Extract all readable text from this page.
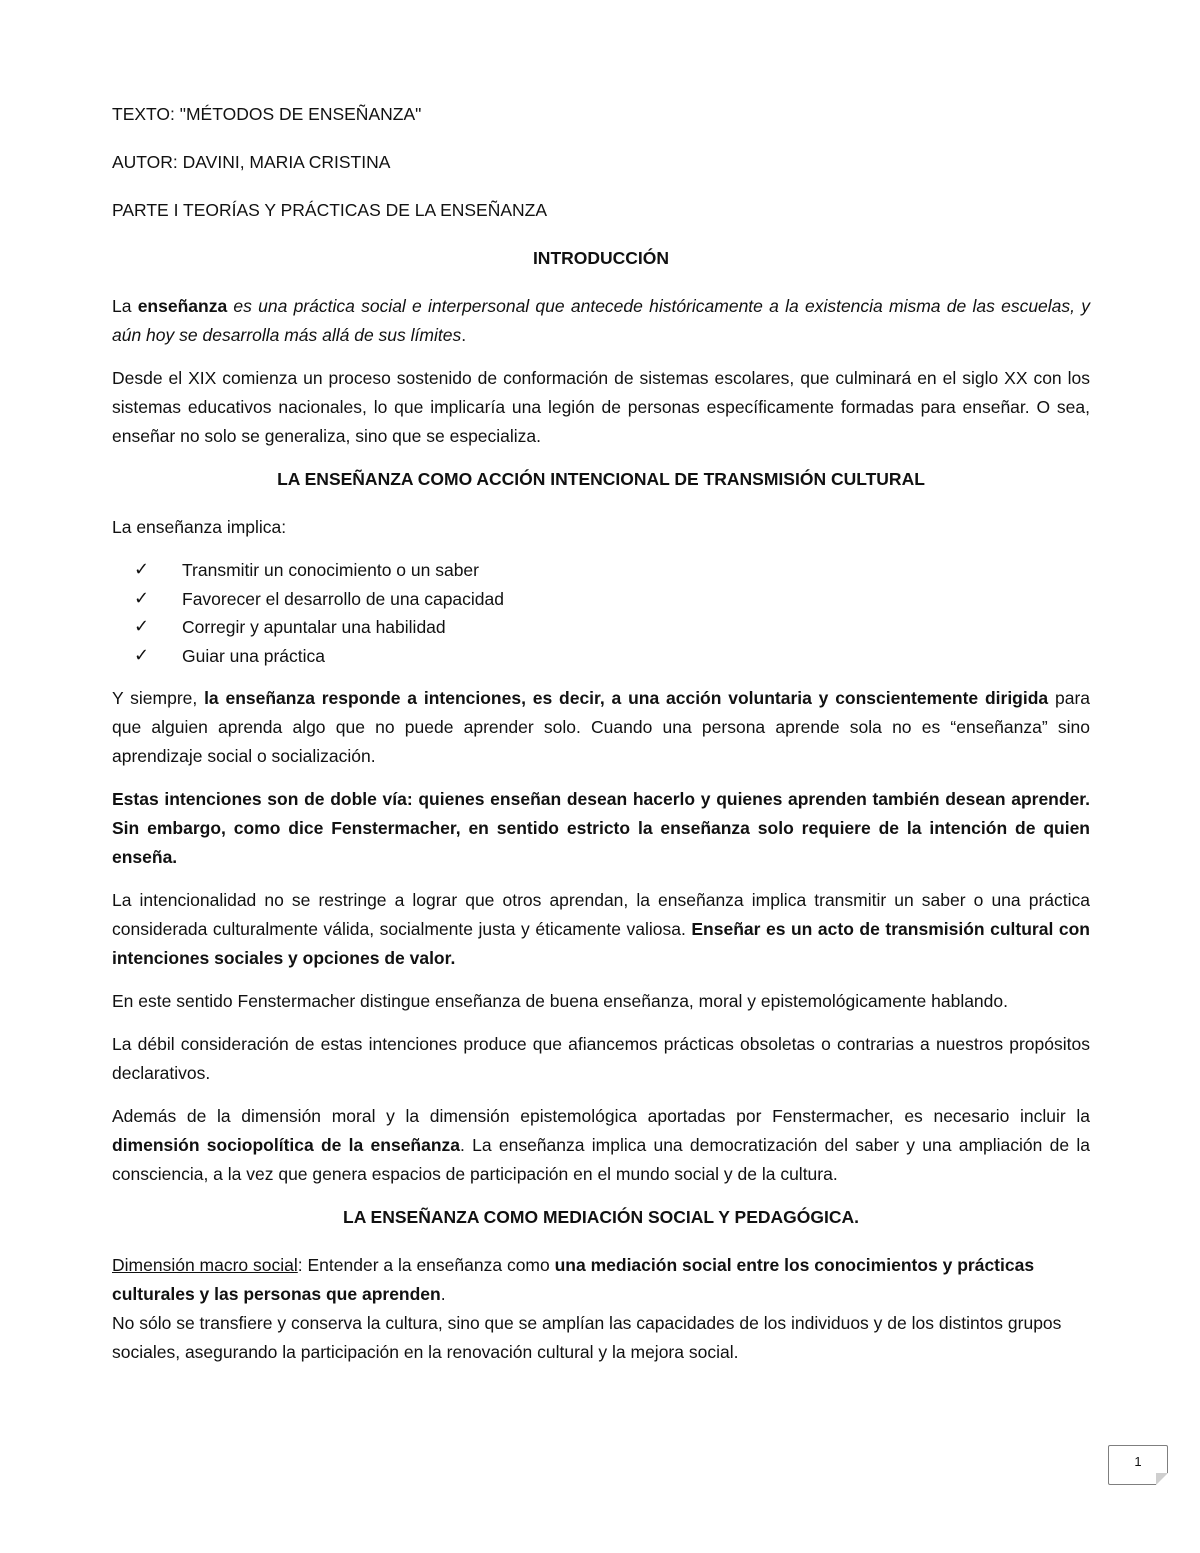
TEXTO: "MÉTODOS DE ENSEÑANZA"
AUTOR: DAVINI, MARIA CRISTINA
PARTE I TEORÍAS Y PRÁCTICAS DE LA ENSEÑANZA
INTRODUCCIÓN

La enseñanza es una práctica social e interpersonal que antecede históricamente a la existencia misma de las escuelas, y aún hoy se desarrolla más allá de sus límites.

Desde el XIX comienza un proceso sostenido de conformación de sistemas escolares, que culminará en el siglo XX con los sistemas educativos nacionales, lo que implicaría una legión de personas específicamente formadas para enseñar. O sea, enseñar no solo se generaliza, sino que se especializa.

LA ENSEÑANZA COMO ACCIÓN INTENCIONAL DE TRANSMISIÓN CULTURAL

La enseñanza implica:

✓ Transmitir un conocimiento o un saber
✓ Favorecer el desarrollo de una capacidad
✓ Corregir y apuntalar una habilidad
✓ Guiar una práctica

Y siempre, la enseñanza responde a intenciones, es decir, a una acción voluntaria y conscientemente dirigida para que alguien aprenda algo que no puede aprender solo. Cuando una persona aprende sola no es “enseñanza” sino aprendizaje social o socialización.

Estas intenciones son de doble vía: quienes enseñan desean hacerlo y quienes aprenden también desean aprender. Sin embargo, como dice Fenstermacher, en sentido estricto la enseñanza solo requiere de la intención de quien enseña.

La intencionalidad no se restringe a lograr que otros aprendan, la enseñanza implica transmitir un saber o una práctica considerada culturalmente válida, socialmente justa y éticamente valiosa. Enseñar es un acto de transmisión cultural con intenciones sociales y opciones de valor.

En este sentido Fenstermacher distingue enseñanza de buena enseñanza, moral y epistemológicamente hablando.

La débil consideración de estas intenciones produce que afiancemos prácticas obsoletas o contrarias a nuestros propósitos declarativos.

Además de la dimensión moral y la dimensión epistemológica aportadas por Fenstermacher, es necesario incluir la dimensión sociopolítica de la enseñanza. La enseñanza implica una democratización del saber y una ampliación de la consciencia, a la vez que genera espacios de participación en el mundo social y de la cultura.

LA ENSEÑANZA COMO MEDIACIÓN SOCIAL Y PEDAGÓGICA.

Dimensión macro social: Entender a la enseñanza como una mediación social entre los conocimientos y prácticas culturales y las personas que aprenden.

No sólo se transfiere y conserva la cultura, sino que se amplían las capacidades de los individuos y de los distintos grupos sociales, asegurando la participación en la renovación cultural y la mejora social.

1
